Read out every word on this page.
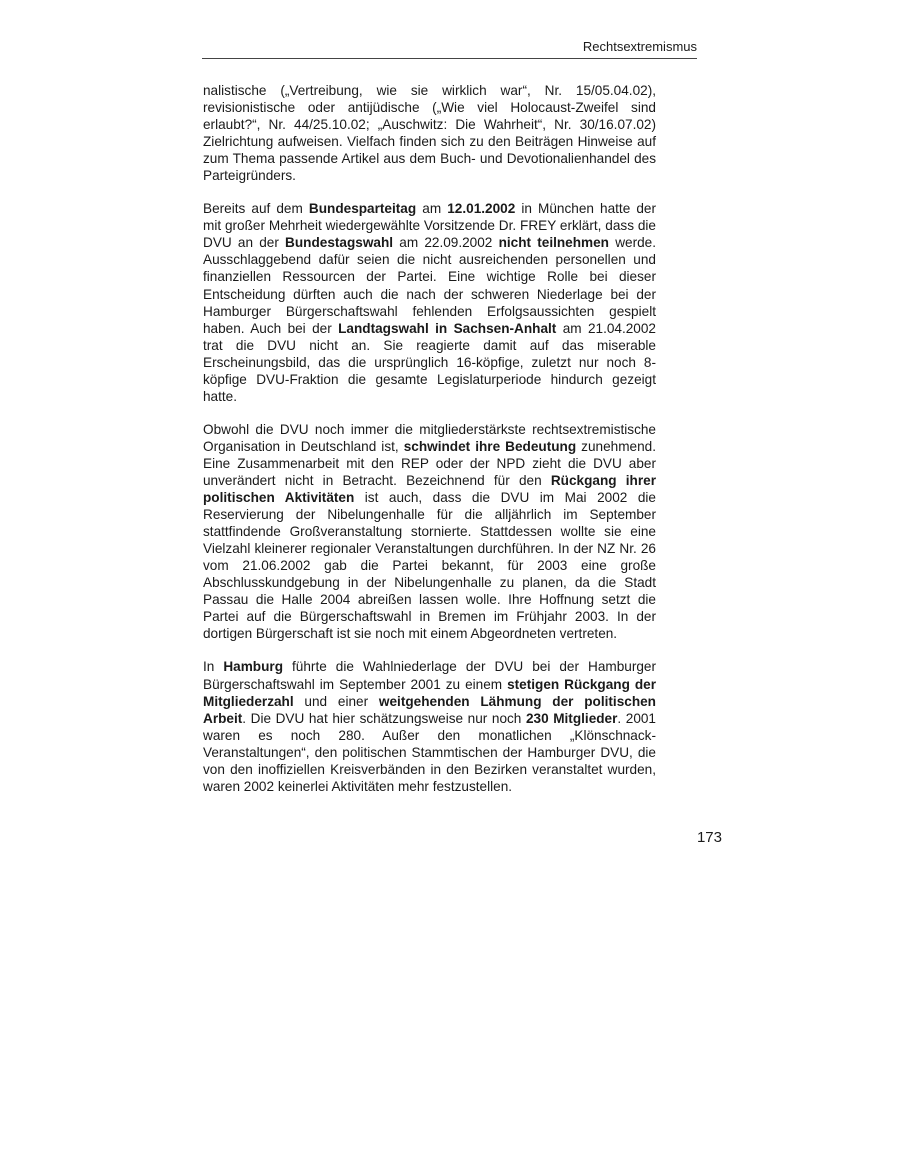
Rechtsextremismus

nalistische („Vertreibung, wie sie wirklich war“, Nr. 15/05.04.02), revisionistische oder antijüdische („Wie viel Holocaust-Zweifel sind erlaubt?“, Nr. 44/25.10.02; „Auschwitz: Die Wahrheit“, Nr. 30/16.07.02) Zielrichtung aufweisen. Vielfach finden sich zu den Beiträgen Hinweise auf zum Thema passende Artikel aus dem Buch- und Devotionalienhandel des Parteigründers.

Bereits auf dem Bundesparteitag am 12.01.2002 in München hatte der mit großer Mehrheit wiedergewählte Vorsitzende Dr. FREY erklärt, dass die DVU an der Bundestagswahl am 22.09.2002 nicht teilnehmen werde. Ausschlaggebend dafür seien die nicht ausreichenden personellen und finanziellen Ressourcen der Partei. Eine wichtige Rolle bei dieser Entscheidung dürften auch die nach der schweren Niederlage bei der Hamburger Bürgerschaftswahl fehlenden Erfolgsaussichten gespielt haben. Auch bei der Landtagswahl in Sachsen-Anhalt am 21.04.2002 trat die DVU nicht an. Sie reagierte damit auf das miserable Erscheinungsbild, das die ursprünglich 16-köpfige, zuletzt nur noch 8-köpfige DVU-Fraktion die gesamte Legislaturperiode hindurch gezeigt hatte.

Obwohl die DVU noch immer die mitgliederstärkste rechtsextremistische Organisation in Deutschland ist, schwindet ihre Bedeutung zunehmend. Eine Zusammenarbeit mit den REP oder der NPD zieht die DVU aber unverändert nicht in Betracht. Bezeichnend für den Rückgang ihrer politischen Aktivitäten ist auch, dass die DVU im Mai 2002 die Reservierung der Nibelungenhalle für die alljährlich im September stattfindende Großveranstaltung stornierte. Stattdessen wollte sie eine Vielzahl kleinerer regionaler Veranstaltungen durchführen. In der NZ Nr. 26 vom 21.06.2002 gab die Partei bekannt, für 2003 eine große Abschlusskundgebung in der Nibelungenhalle zu planen, da die Stadt Passau die Halle 2004 abreißen lassen wolle. Ihre Hoffnung setzt die Partei auf die Bürgerschaftswahl in Bremen im Frühjahr 2003. In der dortigen Bürgerschaft ist sie noch mit einem Abgeordneten vertreten.

In Hamburg führte die Wahlniederlage der DVU bei der Hamburger Bürgerschaftswahl im September 2001 zu einem stetigen Rückgang der Mitgliederzahl und einer weitgehenden Lähmung der politischen Arbeit. Die DVU hat hier schätzungsweise nur noch 230 Mitglieder. 2001 waren es noch 280. Außer den monatlichen „Klönschnack-Veranstaltungen“, den politischen Stammtischen der Hamburger DVU, die von den inoffiziellen Kreisverbänden in den Bezirken veranstaltet wurden, waren 2002 keinerlei Aktivitäten mehr festzustellen.

173
